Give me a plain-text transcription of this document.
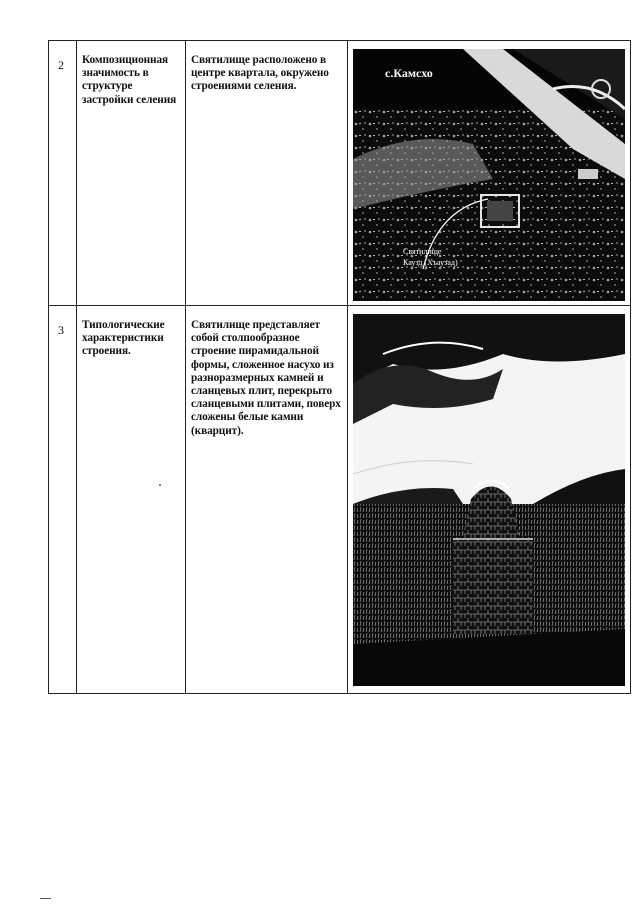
2	Композиционная значимость в структуре застройки селения	Святилище расположено в центре квартала, окружено строениями селения.	с.Камсхо
Святилище
Каузд (Хъаузад)

3	Типологические характеристики строения.	Святилище представляет собой столпообразное строение пирамидальной формы, сложенное насухо из разноразмерных камней и сланцевых плит, перекрыто сланцевыми плитами, поверх сложены белые камни (кварцит).
